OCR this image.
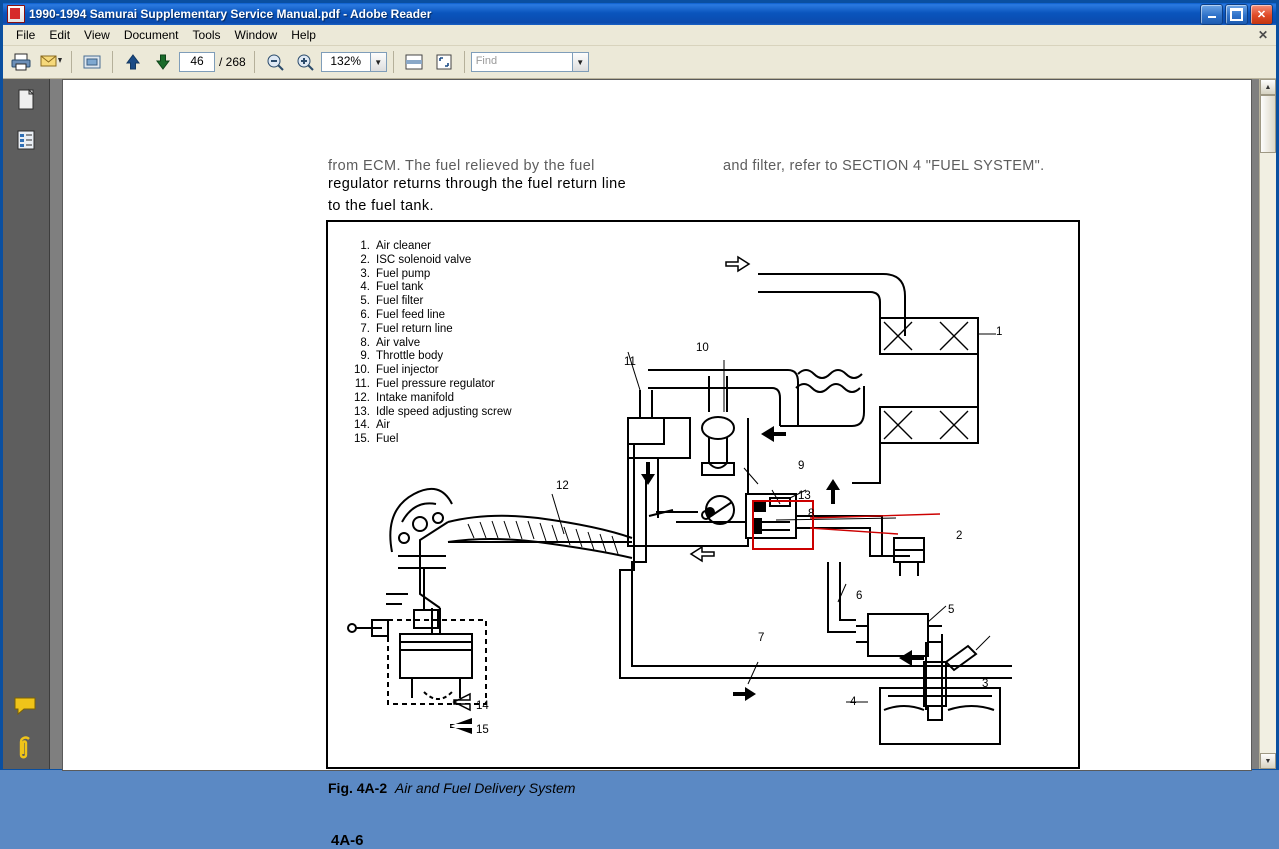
1990-1994 Samurai Supplementary Service Manual.pdf - Adobe Reader	✕
File	Edit	View	Document	Tools	Window	Help	✕
46	/ 268	132%	▼	Find	▼
from ECM. The fuel relieved by the fuel
regulator returns through the fuel return line
to the fuel tank.
and filter, refer to SECTION 4 "FUEL SYSTEM".
1. Air cleaner
2. ISC solenoid valve
3. Fuel pump
4. Fuel tank
5. Fuel filter
6. Fuel feed line
7. Fuel return line
8. Air valve
9. Throttle body
10. Fuel injector
11. Fuel pressure regulator
12. Intake manifold
13. Idle speed adjusting screw
14. Air
15. Fuel
1
2
3
4
5
6
7
8
9
10
11
12
13
14
15
Fig. 4A-2 Air and Fuel Delivery System
4A-6
▲
▼
